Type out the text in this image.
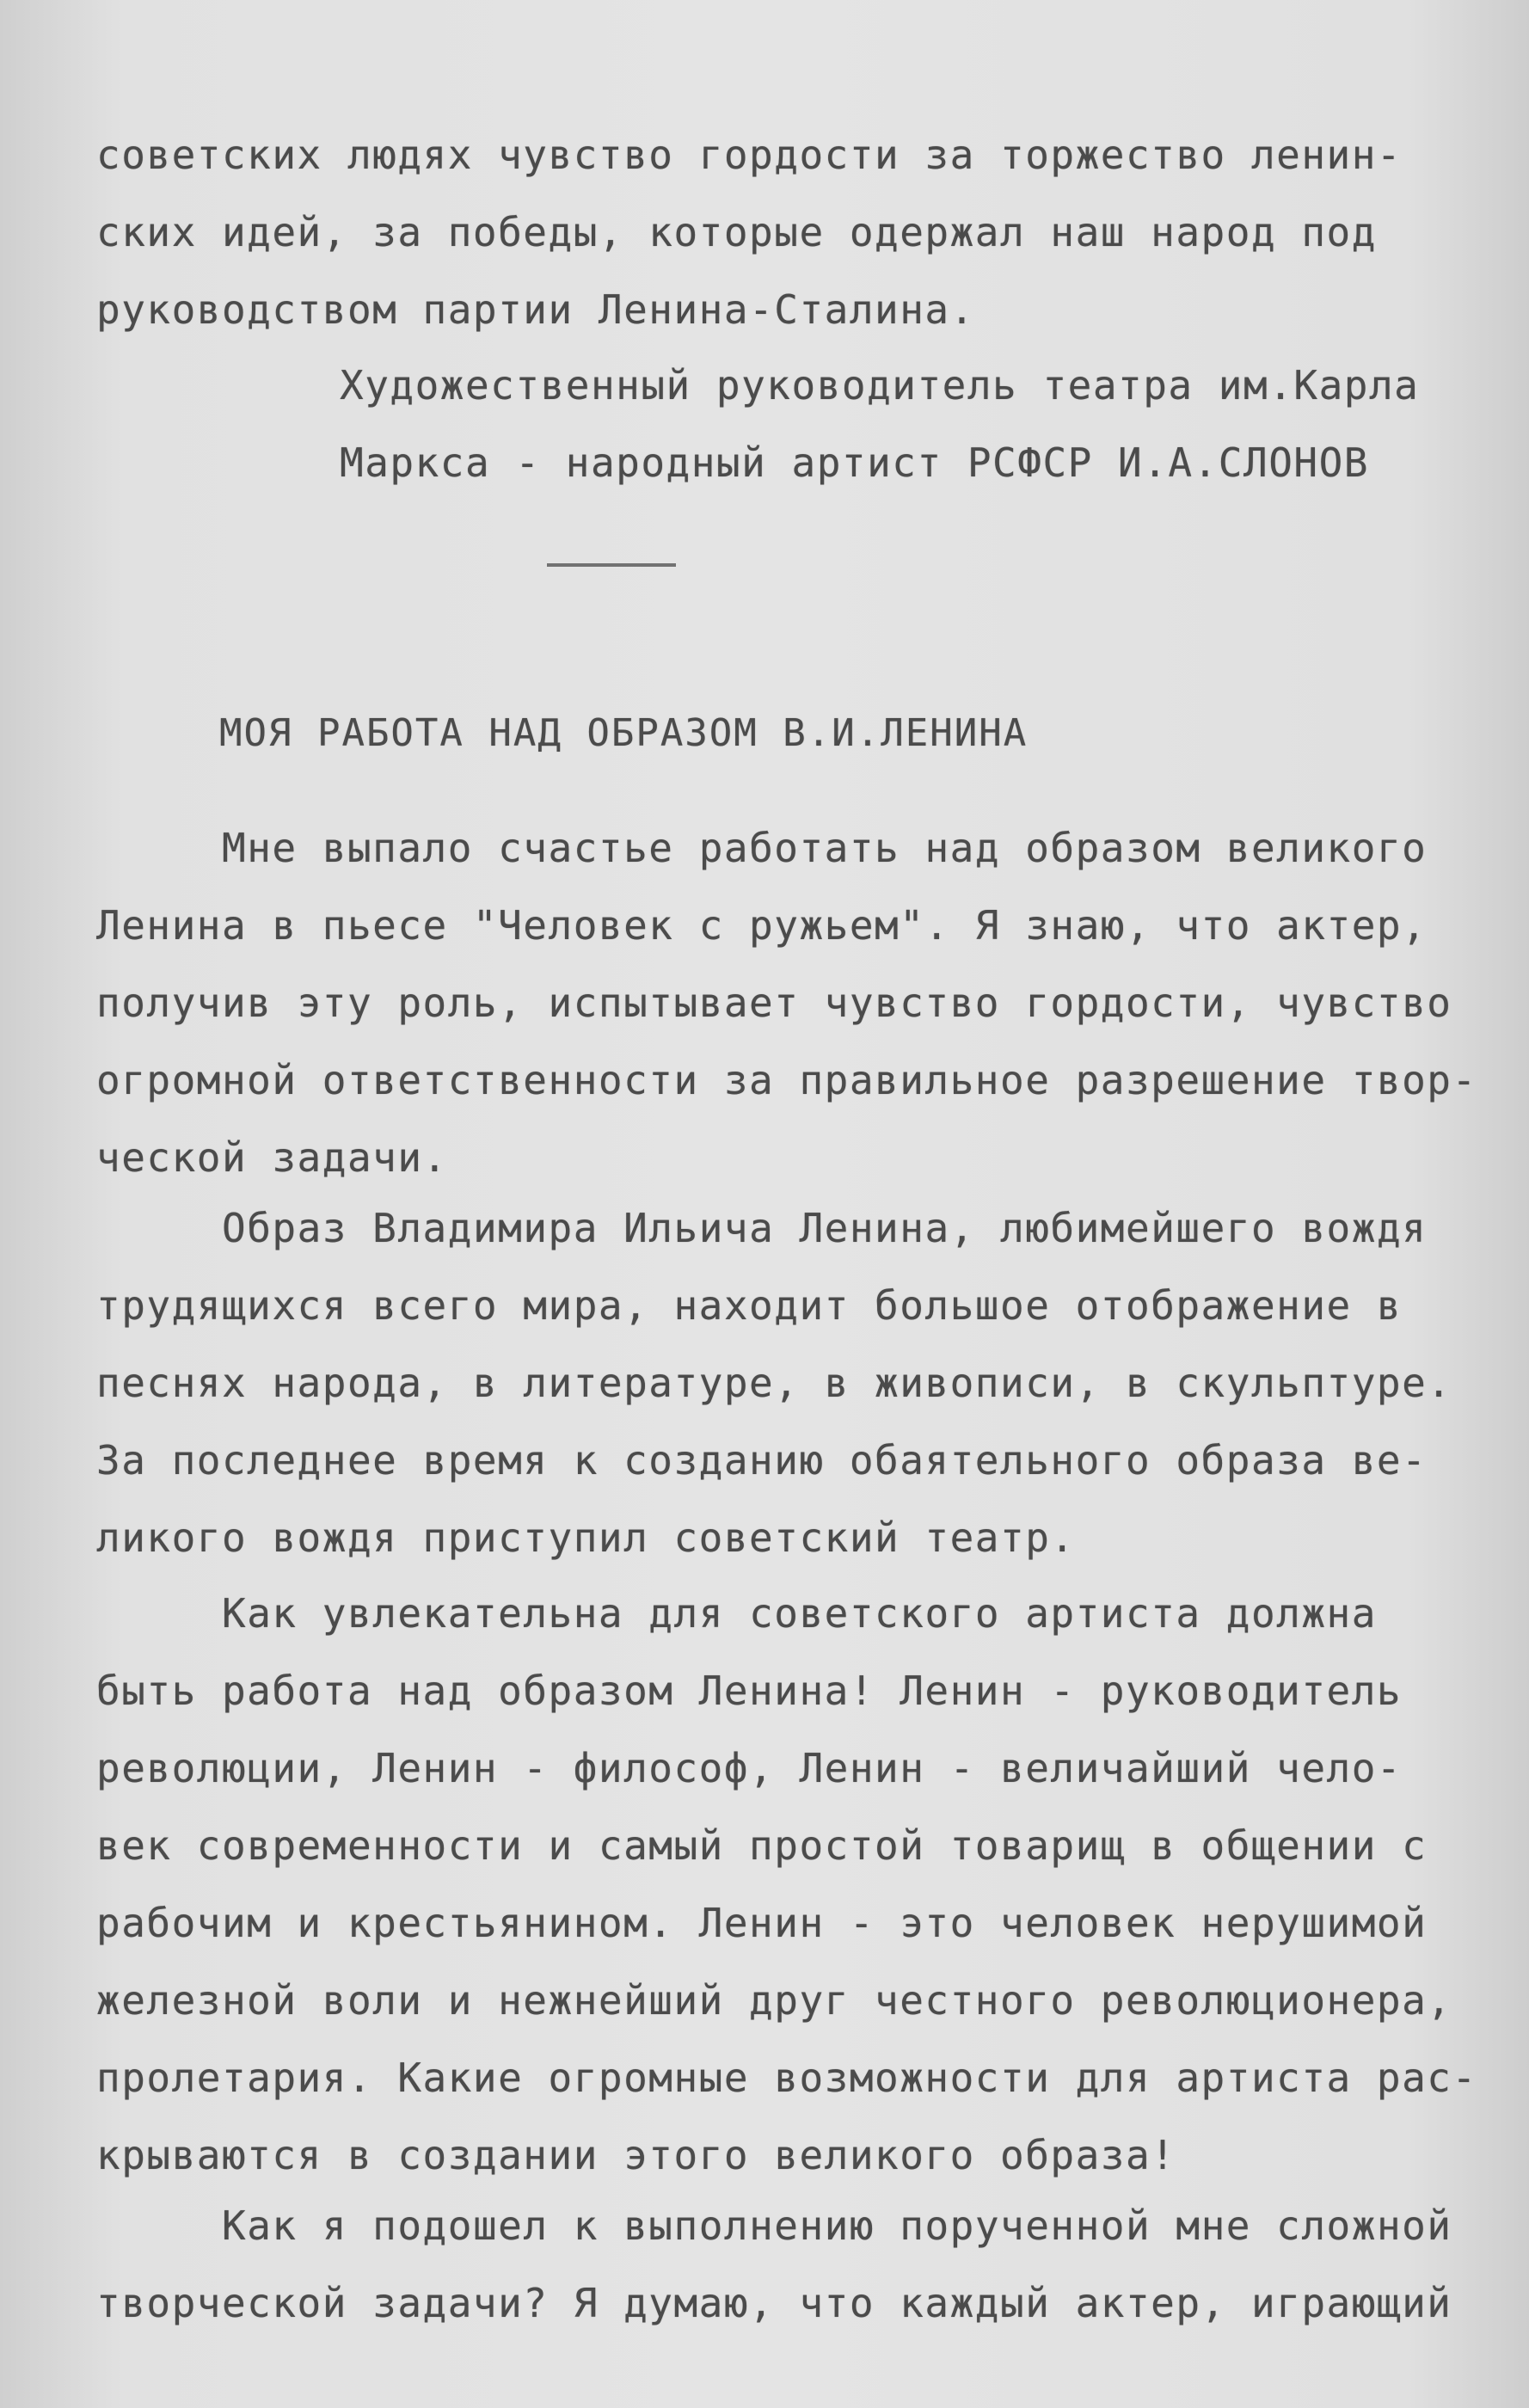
советских людях чувство гордости за торжество ленин-
ских идей, за победы, которые одержал наш народ под
руководством партии Ленина-Сталина.
Художественный руководитель театра им.Карла
Маркса - народный артист РСФСР И.А.СЛОНОВ
МОЯ РАБОТА НАД ОБРАЗОМ В.И.ЛЕНИНА
Мне выпало счастье работать над образом великого
Ленина в пьесе "Человек с ружьем". Я знаю, что актер,
получив эту роль, испытывает чувство гордости, чувство
огромной ответственности за правильное разрешение твор-
ческой задачи.
Образ Владимира Ильича Ленина, любимейшего вождя
трудящихся всего мира, находит большое отображение в
песнях народа, в литературе, в живописи, в скульптуре.
За последнее время к созданию обаятельного образа ве-
ликого вождя приступил советский театр.
Как увлекательна для советского артиста должна
быть работа над образом Ленина! Ленин - руководитель
революции, Ленин - философ, Ленин - величайший чело-
век современности и самый простой товарищ в общении с
рабочим и крестьянином. Ленин - это человек нерушимой
железной воли и нежнейший друг честного революционера,
пролетария. Какие огромные возможности для артиста рас-
крываются в создании этого великого образа!
Как я подошел к выполнению порученной мне сложной
творческой задачи? Я думаю, что каждый актер, играющий
